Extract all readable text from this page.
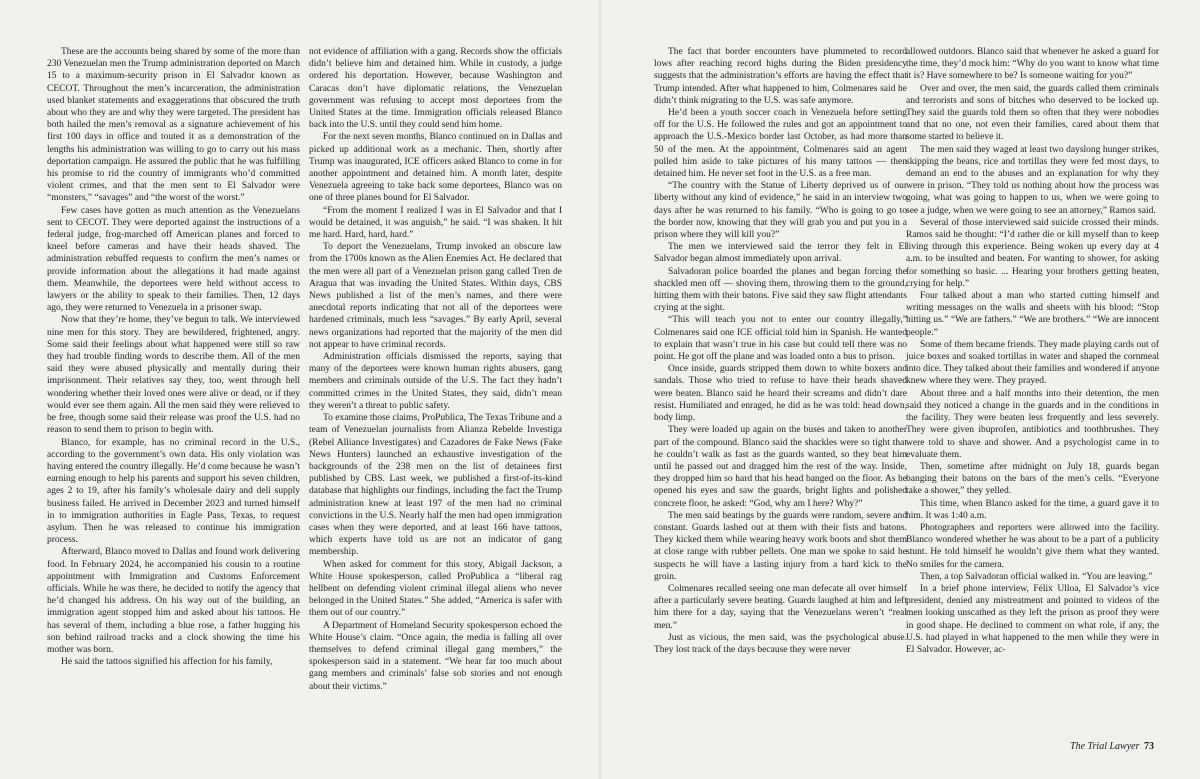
These are the accounts being shared by some of the more than 230 Venezuelan men the Trump administration deported on March 15 to a maximum-security prison in El Salvador known as CECOT. Throughout the men’s incarceration, the administration used blanket statements and exaggerations that obscured the truth about who they are and why they were targeted. The president has both hailed the men’s removal as a signature achievement of his first 100 days in office and touted it as a demonstration of the lengths his administration was willing to go to carry out his mass deportation campaign. He assured the public that he was fulfilling his promise to rid the country of immigrants who’d committed violent crimes, and that the men sent to El Salvador were “monsters,” “savages” and “the worst of the worst.”

Few cases have gotten as much attention as the Venezuelans sent to CECOT. They were deported against the instructions of a federal judge, frog-marched off American planes and forced to kneel before cameras and have their heads shaved. The administration rebuffed requests to confirm the men’s names or provide information about the allegations it had made against them. Meanwhile, the deportees were held without access to lawyers or the ability to speak to their families. Then, 12 days ago, they were returned to Venezuela in a prisoner swap.

Now that they’re home, they’ve begun to talk. We interviewed nine men for this story. They are bewildered, frightened, angry. Some said their feelings about what happened were still so raw they had trouble finding words to describe them. All of the men said they were abused physically and mentally during their imprisonment. Their relatives say they, too, went through hell wondering whether their loved ones were alive or dead, or if they would ever see them again. All the men said they were relieved to be free, though some said their release was proof the U.S. had no reason to send them to prison to begin with.

Blanco, for example, has no criminal record in the U.S., according to the government’s own data. His only violation was having entered the country illegally. He’d come because he wasn’t earning enough to help his parents and support his seven children, ages 2 to 19, after his family’s wholesale dairy and deli supply business failed. He arrived in December 2023 and turned himself in to immigration authorities in Eagle Pass, Texas, to request asylum. Then he was released to continue his immigration process.

Afterward, Blanco moved to Dallas and found work delivering food. In February 2024, he accompanied his cousin to a routine appointment with Immigration and Customs Enforcement officials. While he was there, he decided to notify the agency that he’d changed his address. On his way out of the building, an immigration agent stopped him and asked about his tattoos. He has several of them, including a blue rose, a father hugging his son behind railroad tracks and a clock showing the time his mother was born.

He said the tattoos signified his affection for his family,

not evidence of affiliation with a gang. Records show the officials didn’t believe him and detained him. While in custody, a judge ordered his deportation. However, because Washington and Caracas don’t have diplomatic relations, the Venezuelan government was refusing to accept most deportees from the United States at the time. Immigration officials released Blanco back into the U.S. until they could send him home.

For the next seven months, Blanco continued on in Dallas and picked up additional work as a mechanic. Then, shortly after Trump was inaugurated, ICE officers asked Blanco to come in for another appointment and detained him. A month later, despite Venezuela agreeing to take back some deportees, Blanco was on one of three planes bound for El Salvador.

“From the moment I realized I was in El Salvador and that I would be detained, it was anguish,” he said. “I was shaken. It hit me hard. Hard, hard, hard.”

To deport the Venezuelans, Trump invoked an obscure law from the 1700s known as the Alien Enemies Act. He declared that the men were all part of a Venezuelan prison gang called Tren de Aragua that was invading the United States. Within days, CBS News published a list of the men’s names, and there were anecdotal reports indicating that not all of the deportees were hardened criminals, much less “savages.” By early April, several news organizations had reported that the majority of the men did not appear to have criminal records.

Administration officials dismissed the reports, saying that many of the deportees were known human rights abusers, gang members and criminals outside of the U.S. The fact they hadn’t committed crimes in the United States, they said, didn’t mean they weren’t a threat to public safety.

To examine those claims, ProPublica, The Texas Tribune and a team of Venezuelan journalists from Alianza Rebelde Investiga (Rebel Alliance Investigates) and Cazadores de Fake News (Fake News Hunters) launched an exhaustive investigation of the backgrounds of the 238 men on the list of detainees first published by CBS. Last week, we published a first-of-its-kind database that highlights our findings, including the fact the Trump administration knew at least 197 of the men had no criminal convictions in the U.S. Nearly half the men had open immigration cases when they were deported, and at least 166 have tattoos, which experts have told us are not an indicator of gang membership.

When asked for comment for this story, Abigail Jackson, a White House spokesperson, called ProPublica a “liberal rag hellbent on defending violent criminal illegal aliens who never belonged in the United States.” She added, “America is safer with them out of our country.”

A Department of Homeland Security spokesperson echoed the White House’s claim. “Once again, the media is falling all over themselves to defend criminal illegal gang members,” the spokesperson said in a statement. “We hear far too much about gang members and criminals’ false sob stories and not enough about their victims.”

The fact that border encounters have plummeted to record lows after reaching record highs during the Biden presidency suggests that the administration’s efforts are having the effect that Trump intended. After what happened to him, Colmenares said he didn’t think migrating to the U.S. was safe anymore.

He’d been a youth soccer coach in Venezuela before setting off for the U.S. He followed the rules and got an appointment to approach the U.S.-Mexico border last October, as had more than 50 of the men. At the appointment, Colmenares said an agent pulled him aside to take pictures of his many tattoos — then detained him. He never set foot in the U.S. as a free man.

“The country with the Statue of Liberty deprived us of our liberty without any kind of evidence,” he said in an interview two days after he was returned to his family. “Who is going to go to the border now, knowing that they will grab you and put you in a prison where they will kill you?”

The men we interviewed said the terror they felt in El Salvador began almost immediately upon arrival.

Salvadoran police boarded the planes and began forcing the shackled men off — shoving them, throwing them to the ground, hitting them with their batons. Five said they saw flight attendants crying at the sight.

“This will teach you not to enter our country illegally,” Colmenares said one ICE official told him in Spanish. He wanted to explain that wasn’t true in his case but could tell there was no point. He got off the plane and was loaded onto a bus to prison.

Once inside, guards stripped them down to white boxers and sandals. Those who tried to refuse to have their heads shaved were beaten. Blanco said he heard their screams and didn’t dare resist. Humiliated and enraged, he did as he was told: head down, body limp.

They were loaded up again on the buses and taken to another part of the compound. Blanco said the shackles were so tight that he couldn’t walk as fast as the guards wanted, so they beat him until he passed out and dragged him the rest of the way. Inside, they dropped him so hard that his head banged on the floor. As he opened his eyes and saw the guards, bright lights and polished concrete floor, he asked: “God, why am I here? Why?”

The men said beatings by the guards were random, severe and constant. Guards lashed out at them with their fists and batons. They kicked them while wearing heavy work boots and shot them at close range with rubber pellets. One man we spoke to said he suspects he will have a lasting injury from a hard kick to the groin.

Colmenares recalled seeing one man defecate all over himself after a particularly severe beating. Guards laughed at him and left him there for a day, saying that the Venezuelans weren’t “real men.”

Just as vicious, the men said, was the psychological abuse. They lost track of the days because they were never

allowed outdoors. Blanco said that whenever he asked a guard for the time, they’d mock him: “Why do you want to know what time it is? Have somewhere to be? Is someone waiting for you?”

Over and over, the men said, the guards called them criminals and terrorists and sons of bitches who deserved to be locked up. They said the guards told them so often that they were nobodies and that no one, not even their families, cared about them that some started to believe it.

The men said they waged at least two dayslong hunger strikes, skipping the beans, rice and tortillas they were fed most days, to demand an end to the abuses and an explanation for why they were in prison. “They told us nothing about how the process was going, what was going to happen to us, when we were going to see a judge, when we were going to see an attorney,” Ramos said.

Several of those interviewed said suicide crossed their minds. Ramos said he thought: “I’d rather die or kill myself than to keep living through this experience. Being woken up every day at 4 a.m. to be insulted and beaten. For wanting to shower, for asking for something so basic. ... Hearing your brothers getting beaten, crying for help.”

Four talked about a man who started cutting himself and writing messages on the walls and sheets with his blood: “Stop hitting us.” “We are fathers.” “We are brothers.” “We are innocent people.”

Some of them became friends. They made playing cards out of juice boxes and soaked tortillas in water and shaped the cornmeal into dice. They talked about their families and wondered if anyone knew where they were. They prayed.

About three and a half months into their detention, the men said they noticed a change in the guards and in the conditions in the facility. They were beaten less frequently and less severely. They were given ibuprofen, antibiotics and toothbrushes. They were told to shave and shower. And a psychologist came in to evaluate them.

Then, sometime after midnight on July 18, guards began banging their batons on the bars of the men’s cells. “Everyone take a shower,” they yelled.

This time, when Blanco asked for the time, a guard gave it to him. It was 1:40 a.m.

Photographers and reporters were allowed into the facility. Blanco wondered whether he was about to be a part of a publicity stunt. He told himself he wouldn’t give them what they wanted. No smiles for the camera.

Then, a top Salvadoran official walked in. “You are leaving.”

In a brief phone interview, Félix Ulloa, El Salvador’s vice president, denied any mistreatment and pointed to videos of the men looking unscathed as they left the prison as proof they were in good shape. He declined to comment on what role, if any, the U.S. had played in what happened to the men while they were in El Salvador. However, ac-

The Trial Lawyer 73
